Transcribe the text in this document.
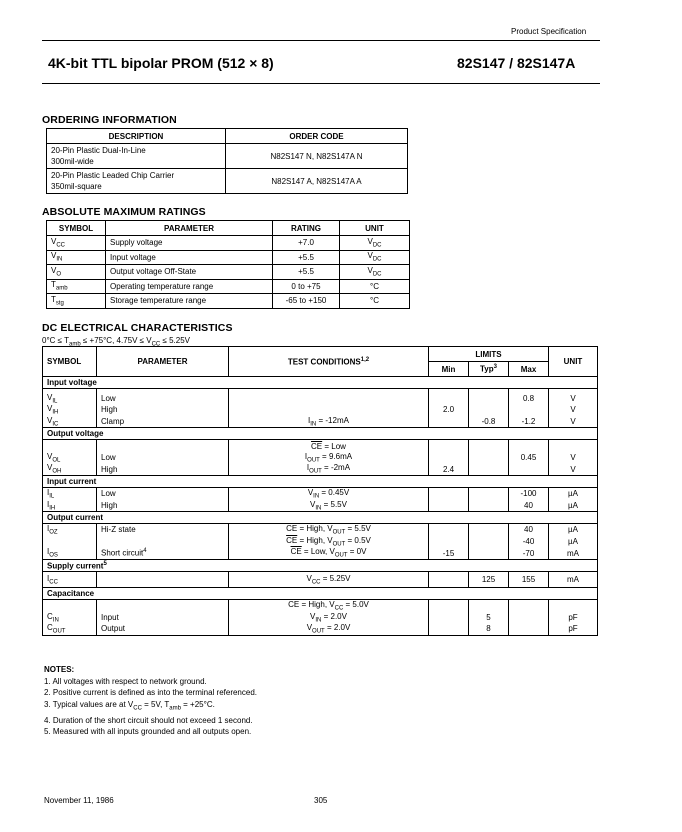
Product Specification
4K-bit TTL bipolar PROM (512 × 8)	82S147 / 82S147A
ORDERING INFORMATION
DESCRIPTION	ORDER CODE
20-Pin Plastic Dual-In-Line
300mil-wide	N82S147 N, N82S147A N
20-Pin Plastic Leaded Chip Carrier
350mil-square	N82S147 A, N82S147A A
ABSOLUTE MAXIMUM RATINGS
SYMBOL	PARAMETER	RATING	UNIT
$V_{CC}$	Supply voltage	+7.0	$V_{DC}$
$V_{IN}$	Input voltage	+5.5	$V_{DC}$
$V_O$	Output voltage Off-State	+5.5	$V_{DC}$
$T_{amb}$	Operating temperature range	0 to +75	°C
$T_{stg}$	Storage temperature range	-65 to +150	°C
DC ELECTRICAL CHARACTERISTICS
$0^\circ C \le T_{amb} \le +75^\circ C$, $4.75V \le V_{CC} \le 5.25V$
SYMBOL	PARAMETER	TEST CONDITIONS$^{1,2}$	LIMITS			UNIT
			Min	Typ$^3$	Max	
Input voltage						

$V_{IL}$	Low				0.8	V
$V_{IH}$	High		2.0			V
$V_{IC}$	Clamp	$I_{IN} = -12mA$		-0.8	-1.2	V
Output voltage						
		$\overline{CE}$ = Low				
$V_{OL}$	Low	$I_{OUT} = 9.6mA$			0.45	V
$V_{OH}$	High	$I_{OUT} = -2mA$	2.4			V
Input current						
$I_{IL}$	Low	$V_{IN} = 0.45V$			-100	µA
$I_{IH}$	High	$V_{IN} = 5.5V$			40	µA
Output current						
$I_{OZ}$	Hi-Z state	$\overline{CE}$ = High, $V_{OUT} = 5.5V$			40	µA
		$\overline{CE}$ = High, $V_{OUT} = 0.5V$			-40	µA
$I_{OS}$	Short circuit$^4$	$\overline{CE}$ = Low, $V_{OUT} = 0V$	-15		-70	mA
Supply current$^5$
$I_{CC}$		$V_{CC} = 5.25V$		125	155	mA
Capacitance						
		$\overline{CE}$ = High, $V_{CC} = 5.0V$				
$C_{IN}$	Input	$V_{IN} = 2.0V$		5		pF
$C_{OUT}$	Output	$V_{OUT} = 2.0V$		8		pF
NOTES:
1. All voltages with respect to network ground.
2. Positive current is defined as into the terminal referenced.
3. Typical values are at $V_{CC} = 5V$, $T_{amb} = +25^\circ C$.
4. Duration of the short circuit should not exceed 1 second.
5. Measured with all inputs grounded and all outputs open.
November 11, 1986	305
